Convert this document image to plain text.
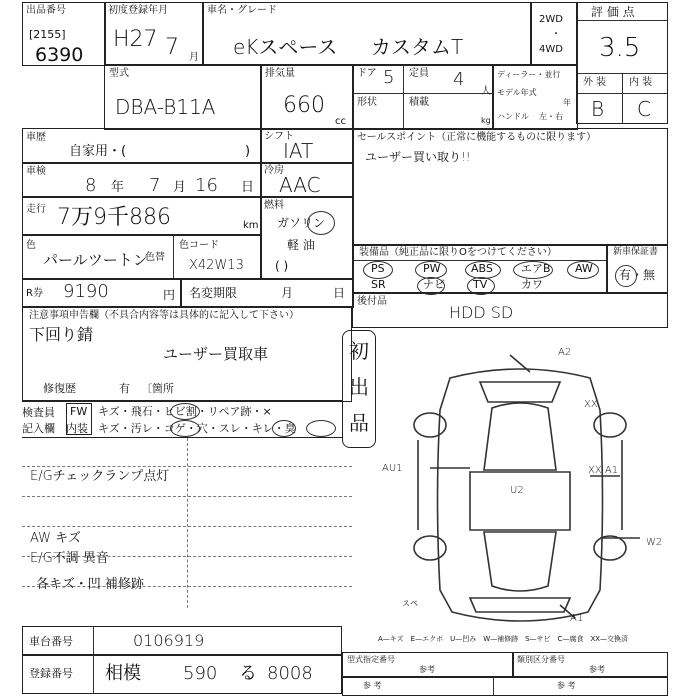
出品番号
[2155]
6390
初度登録年月
H27 7 月
車名・グレード
eKスペース カスタムT
2WD
・
4WD
評 価 点
3.5
外 装 内 装
B C
型式
DBA-B11A
排気量
660
cc
ドア 5 定員 4
人
形状	積載
kg
ディーラー・並行
モデル年式
年
ハンドル 左・右
車歴
自家用・(	)
シフト
IAT
セールスポイント（正常に機能するものに限ります）
ユーザー買い取り!!
車検
8 年 7 月 16 日
冷房
AAC
走行 7万9千886	km
燃料
ガソリン
軽 油
( )
色
パールツートン
色替
色コード
X42W13
装備品（純正品に限りOをつけてください）
PS	PW	ABS	エアB AW
SR	ナビ	TV	カワ
新車保証書
有・無
後付品
HDD SD
R券 9190	円 名変期限	月	日
注意事項申告欄（不具合内容等は具体的に記入して下さい）
下回り錆
ユーザー買取車
修復歴	有 〔箇所
検査員記入欄
FW
内装
キズ・飛石・ヒビ割・リペア跡・×
キズ・汚レ・コゲ・穴・スレ・キレ・臭
初
出
品
E/Gチェックランプ点灯
AW キズ
E/G不調 異音
各キズ・凹 補修跡
A2
XX
AU1	XX A1
U2
W2
スペ
A1
A—キズ　E—エクボ　U—凹み　W—補修跡　S—サビ　C—腐食　XX—交換済
車台番号	0106919
登録番号 相模 590 る 8008
型式指定番号
参考
類別区分番号
参考
参 考	参 考
